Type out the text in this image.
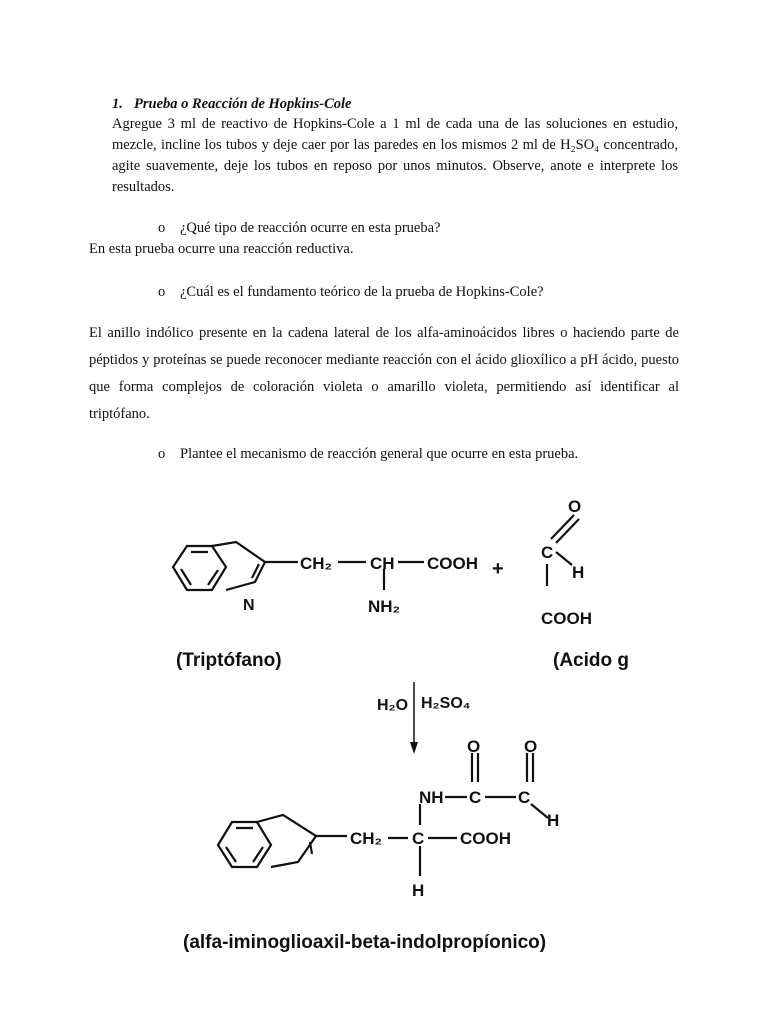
1. Prueba o Reacción de Hopkins-Cole
Agregue 3 ml de reactivo de Hopkins-Cole a 1 ml de cada una de las soluciones en estudio, mezcle, incline los tubos y deje caer por las paredes en los mismos 2 ml de H₂SO₄ concentrado, agite suavemente, deje los tubos en reposo por unos minutos. Observe, anote e interprete los resultados.
o ¿Qué tipo de reacción ocurre en esta prueba?
En esta prueba ocurre una reacción reductiva.
o ¿Cuál es el fundamento teórico de la prueba de Hopkins-Cole?
El anillo indólico presente en la cadena lateral de los alfa-aminoácidos libres o haciendo parte de péptidos y proteínas se puede reconocer mediante reacción con el ácido glioxílico a pH ácido, puesto que forma complejos de coloración violeta o amarillo violeta, permitiendo así identificar al triptófano.
o Plantee el mecanismo de reacción general que ocurre en esta prueba.
N
CH₂ CH COOH
NH₂
+
O
C
H
COOH
(Triptófano)	(Acido g
H₂O H₂SO₄
O	O
NH C C
H
CH₂ C COOH
H
(alfa-iminoglioaxil-beta-indolpropíonico)
